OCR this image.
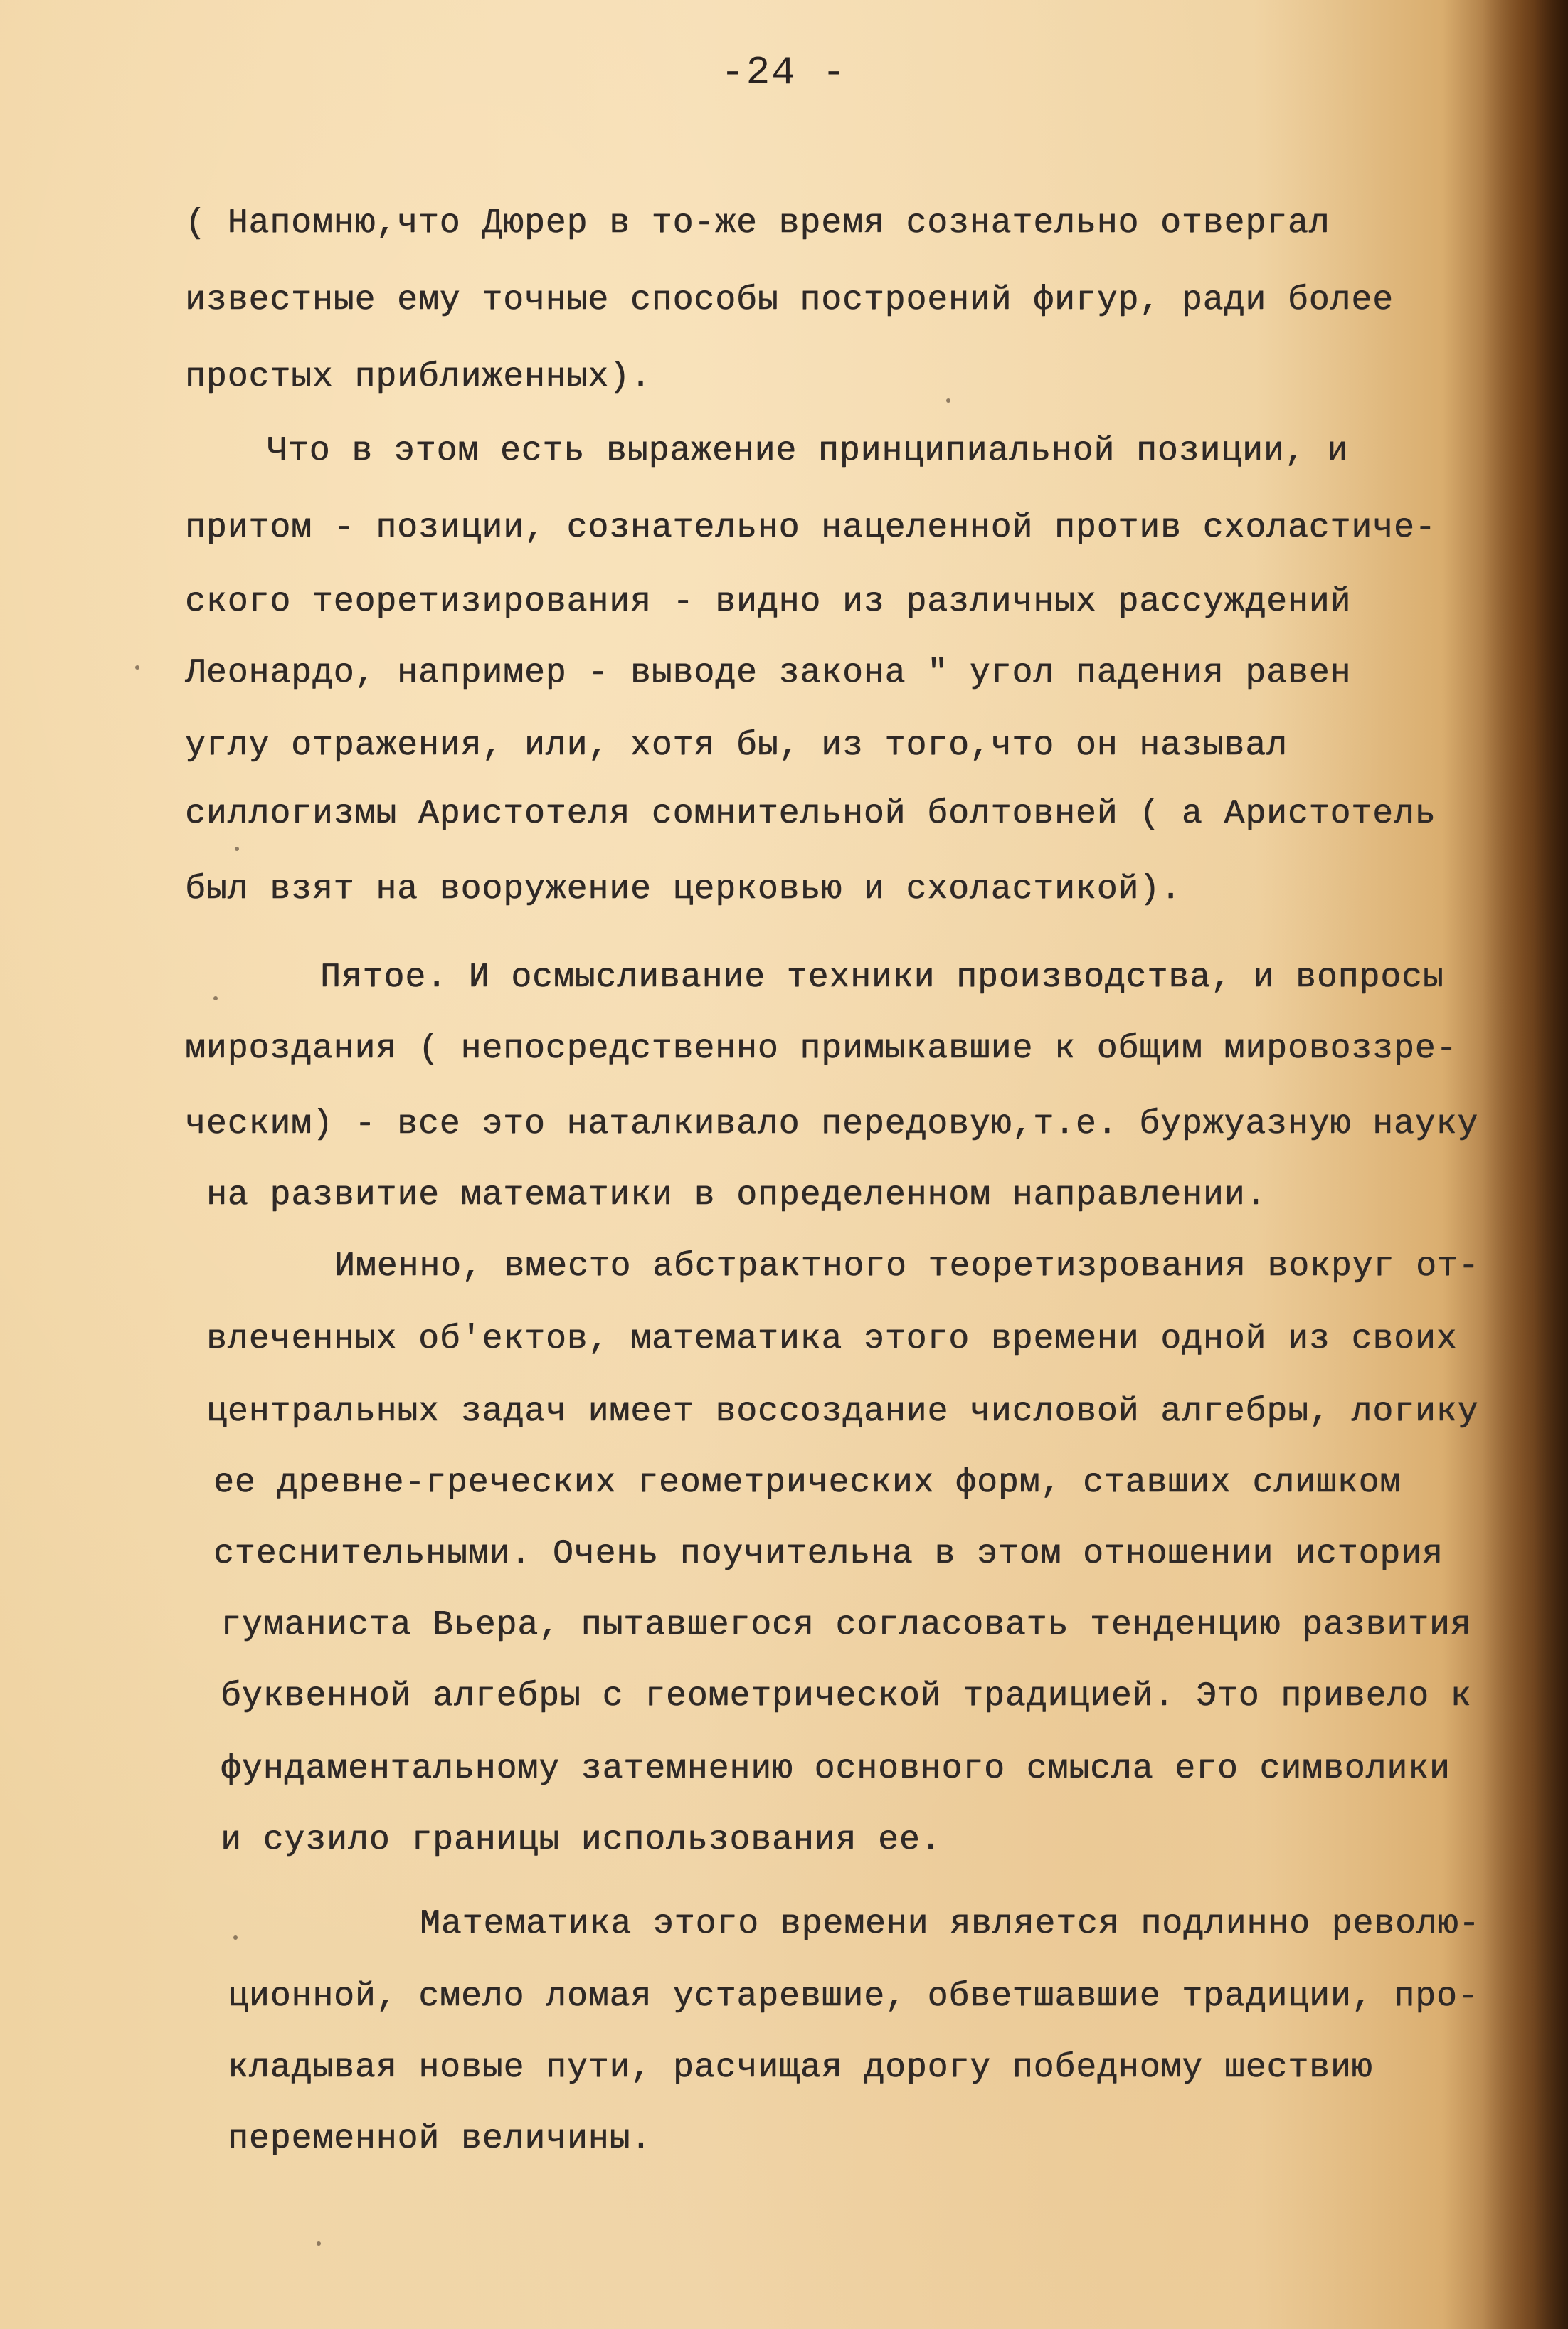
-24 -
( Напомню,что Дюрер в то-же время сознательно отвергал
известные ему точные способы построений фигур, ради более
простых приближенных).
Что в этом есть выражение принципиальной позиции, и
притом - позиции, сознательно нацеленной против схоластиче-
ского теоретизирования - видно из различных рассуждений
Леонардо, например - выводе закона " угол падения равен
углу отражения, или, хотя бы, из того,что он называл
силлогизмы Аристотеля сомнительной болтовней ( а Аристотель
был взят на вооружение церковью и схоластикой).
Пятое. И осмысливание техники производства, и вопросы
мироздания ( непосредственно примыкавшие к общим мировоззре-
ческим) - все это наталкивало передовую,т.е. буржуазную науку
на развитие математики в определенном направлении.
Именно, вместо абстрактного теоретизрования вокруг от-
влеченных об'ектов, математика этого времени одной из своих
центральных задач имеет воссоздание числовой алгебры, логику
ее древне-греческих геометрических форм, ставших слишком
стеснительными. Очень поучительна в этом отношении история
гуманиста Вьера, пытавшегося согласовать тенденцию развития
буквенной алгебры с геометрической традицией. Это привело к
фундаментальному затемнению основного смысла его символики
и сузило границы использования ее.
Математика этого времени является подлинно револю-
ционной, смело ломая устаревшие, обветшавшие традиции, про-
кладывая новые пути, расчищая дорогу победному шествию
переменной величины.
